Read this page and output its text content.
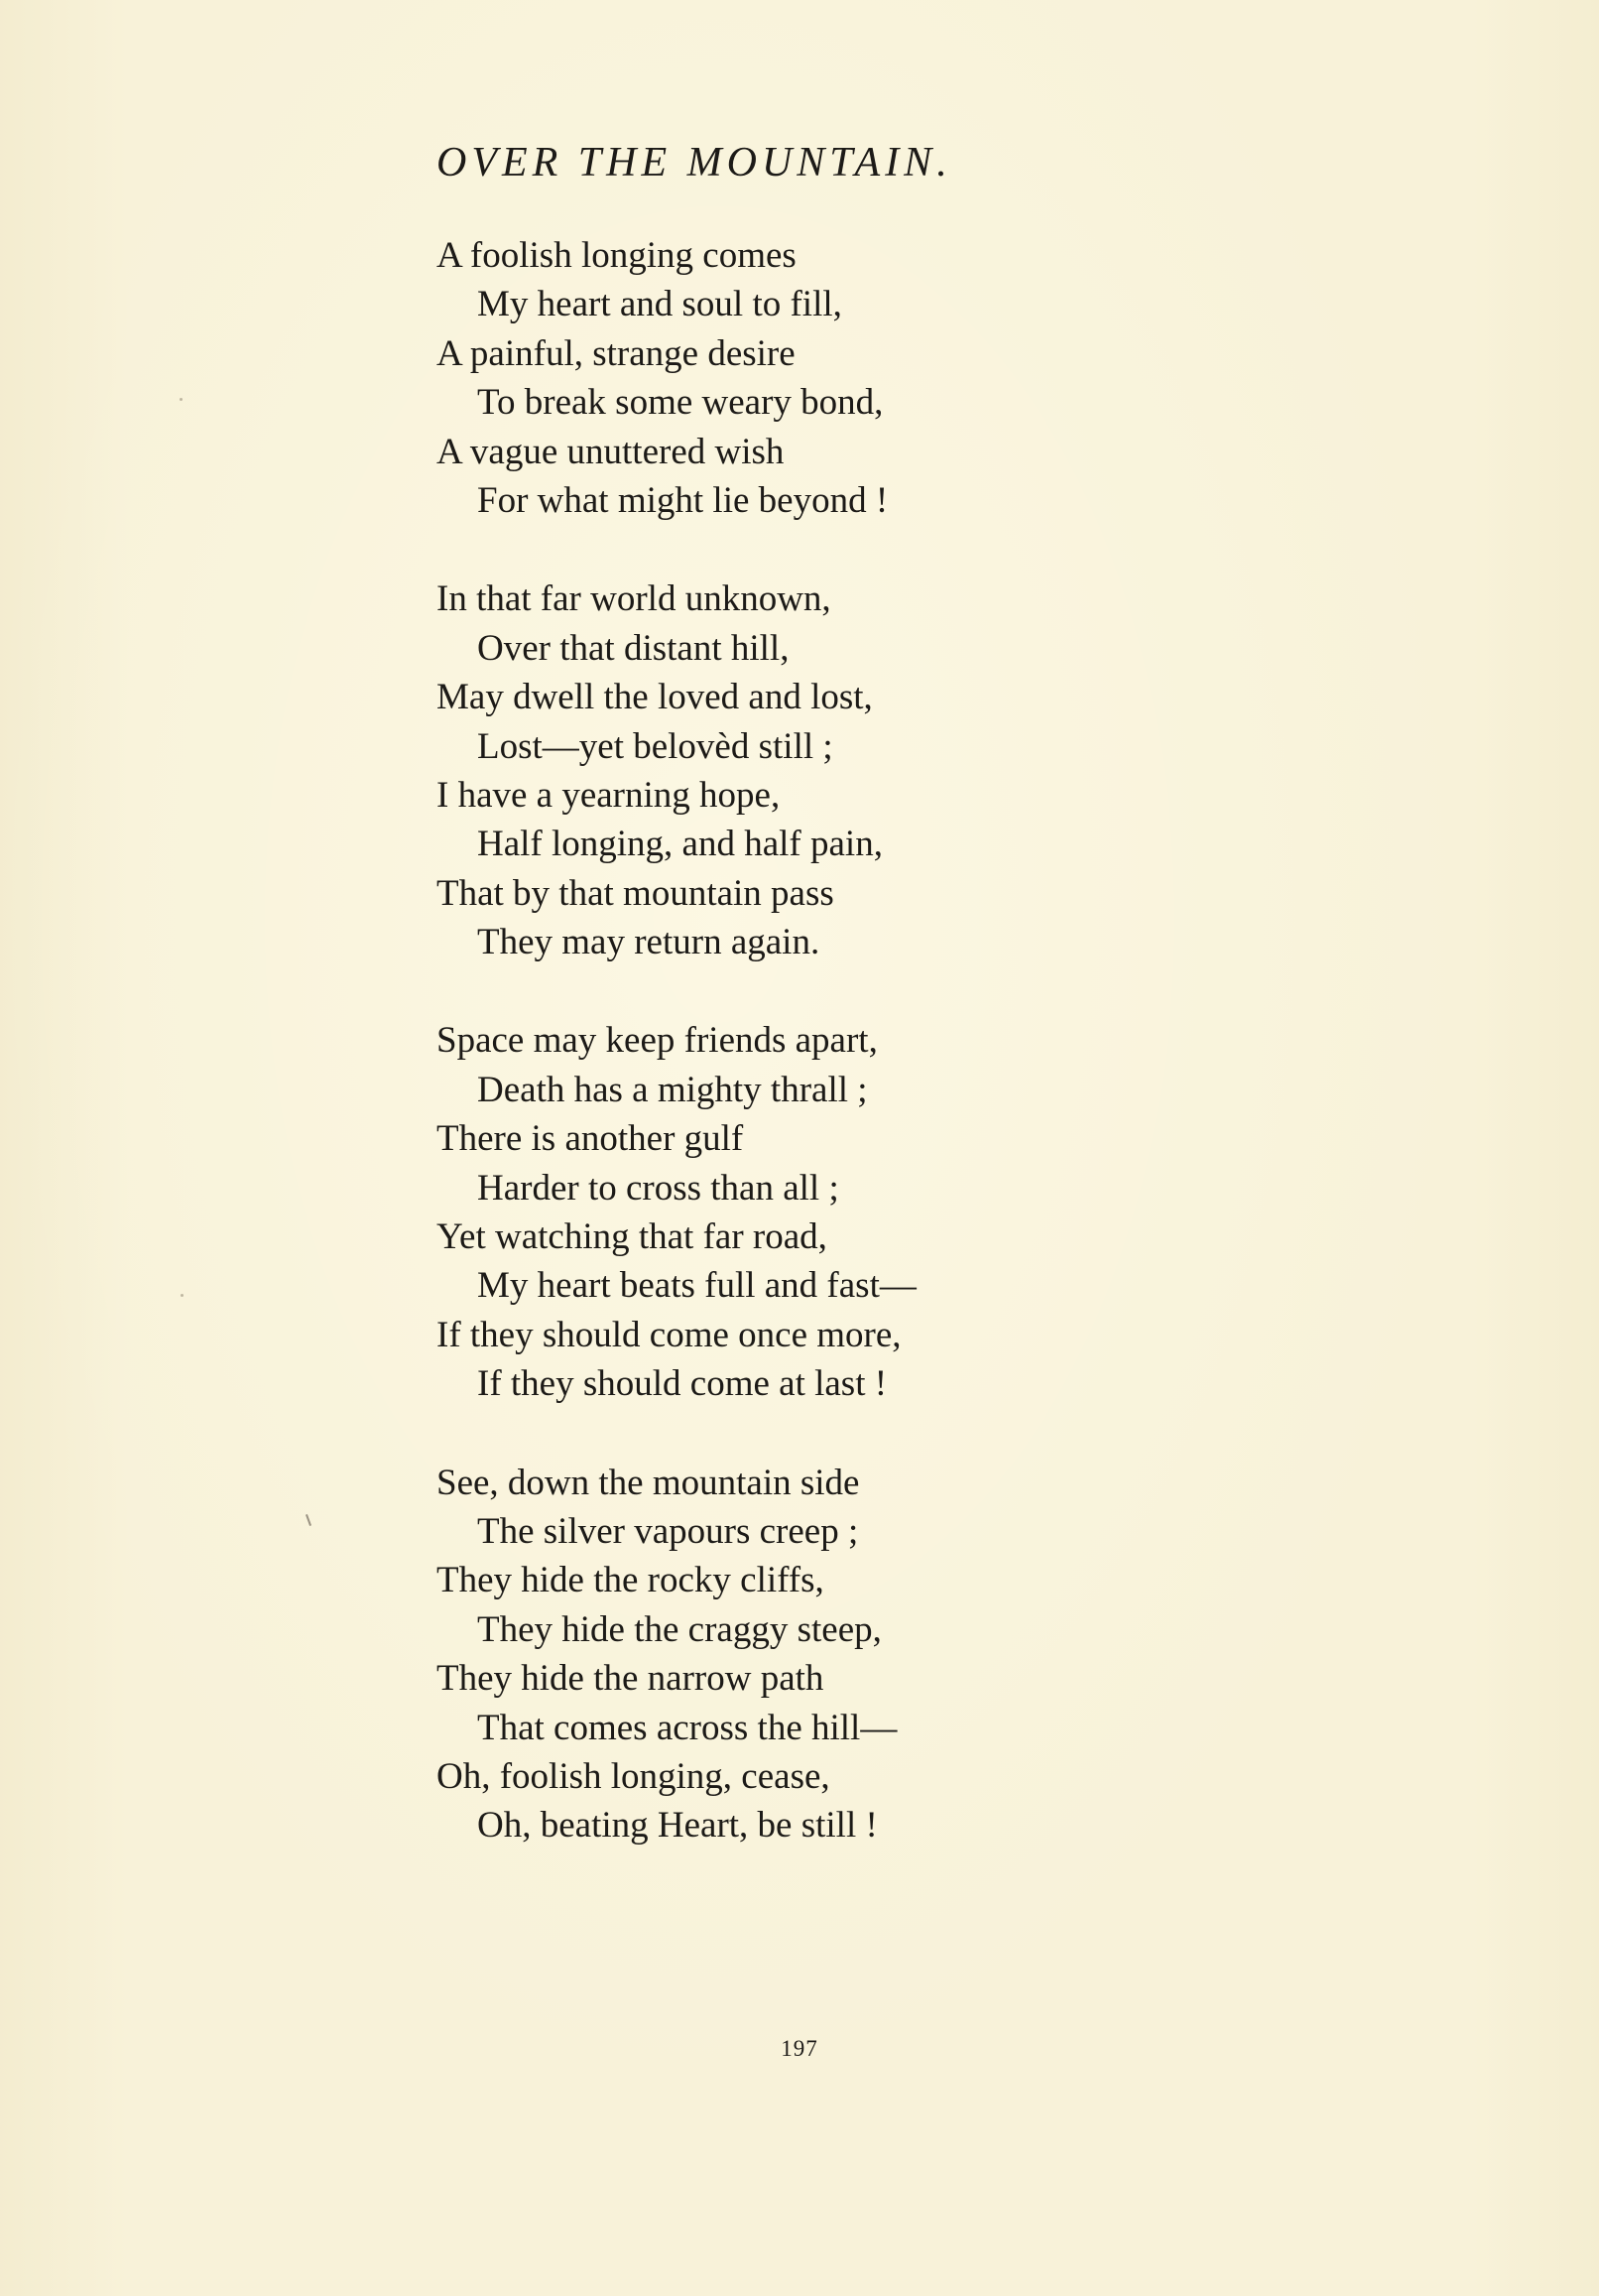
OVER THE MOUNTAIN.
A foolish longing comes
My heart and soul to fill,
A painful, strange desire
To break some weary bond,
A vague unuttered wish
For what might lie beyond !
In that far world unknown,
Over that distant hill,
May dwell the loved and lost,
Lost—yet belovèd still ;
I have a yearning hope,
Half longing, and half pain,
That by that mountain pass
They may return again.
Space may keep friends apart,
Death has a mighty thrall ;
There is another gulf
Harder to cross than all ;
Yet watching that far road,
My heart beats full and fast—
If they should come once more,
If they should come at last !
See, down the mountain side
The silver vapours creep ;
They hide the rocky cliffs,
They hide the craggy steep,
They hide the narrow path
That comes across the hill—
Oh, foolish longing, cease,
Oh, beating Heart, be still !
197
